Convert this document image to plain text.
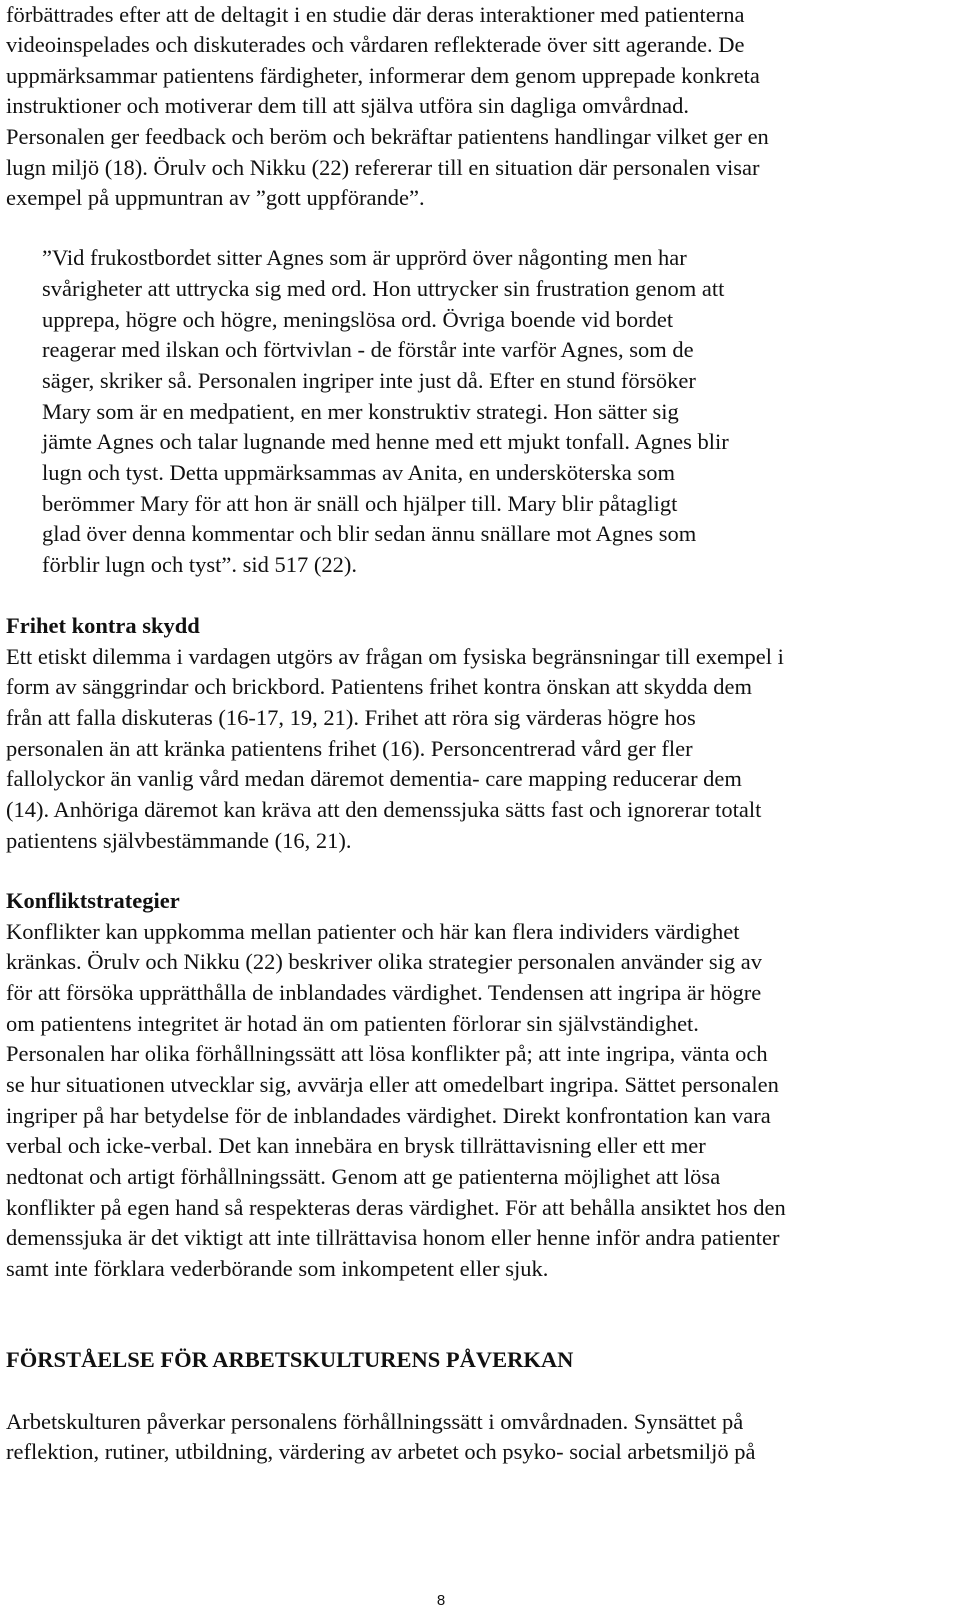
förbättrades efter att de deltagit i en studie där deras interaktioner med patienterna
videoinspelades och diskuterades och vårdaren reflekterade över sitt agerande. De
uppmärksammar patientens färdigheter, informerar dem genom upprepade konkreta
instruktioner och motiverar dem till att själva utföra sin dagliga omvårdnad.
Personalen ger feedback och beröm och bekräftar patientens handlingar vilket ger en
lugn miljö (18). Örulv och Nikku (22) refererar till en situation där personalen visar
exempel på uppmuntran av ”gott uppförande”.
”Vid frukostbordet sitter Agnes som är upprörd över någonting men har
svårigheter att uttrycka sig med ord. Hon uttrycker sin frustration genom att
upprepa, högre och högre, meningslösa ord. Övriga boende vid bordet
reagerar med ilskan och förtvivlan - de förstår inte varför Agnes, som de
säger, skriker så. Personalen ingriper inte just då. Efter en stund försöker
Mary som är en medpatient, en mer konstruktiv strategi. Hon sätter sig
jämte Agnes och talar lugnande med henne med ett mjukt tonfall. Agnes blir
lugn och tyst. Detta uppmärksammas av Anita, en undersköterska som
berömmer Mary för att hon är snäll och hjälper till. Mary blir påtagligt
glad över denna kommentar och blir sedan ännu snällare mot Agnes som
förblir lugn och tyst”. sid 517 (22).
Frihet kontra skydd
Ett etiskt dilemma i vardagen utgörs av frågan om fysiska begränsningar till exempel i
form av sänggrindar och brickbord. Patientens frihet kontra önskan att skydda dem
från att falla diskuteras (16-17, 19, 21). Frihet att röra sig värderas högre hos
personalen än att kränka patientens frihet (16). Personcentrerad vård ger fler
fallolyckor än vanlig vård medan däremot dementia- care mapping reducerar dem
(14). Anhöriga däremot kan kräva att den demenssjuka sätts fast och ignorerar totalt
patientens självbestämmande (16, 21).
Konfliktstrategier
Konflikter kan uppkomma mellan patienter och här kan flera individers värdighet
kränkas. Örulv och Nikku (22) beskriver olika strategier personalen använder sig av
för att försöka upprätthålla de inblandades värdighet. Tendensen att ingripa är högre
om patientens integritet är hotad än om patienten förlorar sin självständighet.
Personalen har olika förhållningssätt att lösa konflikter på; att inte ingripa, vänta och
se hur situationen utvecklar sig, avvärja eller att omedelbart ingripa. Sättet personalen
ingriper på har betydelse för de inblandades värdighet. Direkt konfrontation kan vara
verbal och icke-verbal. Det kan innebära en brysk tillrättavisning eller ett mer
nedtonat och artigt förhållningssätt. Genom att ge patienterna möjlighet att lösa
konflikter på egen hand så respekteras deras värdighet. För att behålla ansiktet hos den
demenssjuka är det viktigt att inte tillrättavisa honom eller henne inför andra patienter
samt inte förklara vederbörande som inkompetent eller sjuk.
FÖRSTÅELSE FÖR ARBETSKULTURENS PÅVERKAN
Arbetskulturen påverkar personalens förhållningssätt i omvårdnaden. Synsättet på
reflektion, rutiner, utbildning, värdering av arbetet och psyko- social arbetsmiljö på
8
